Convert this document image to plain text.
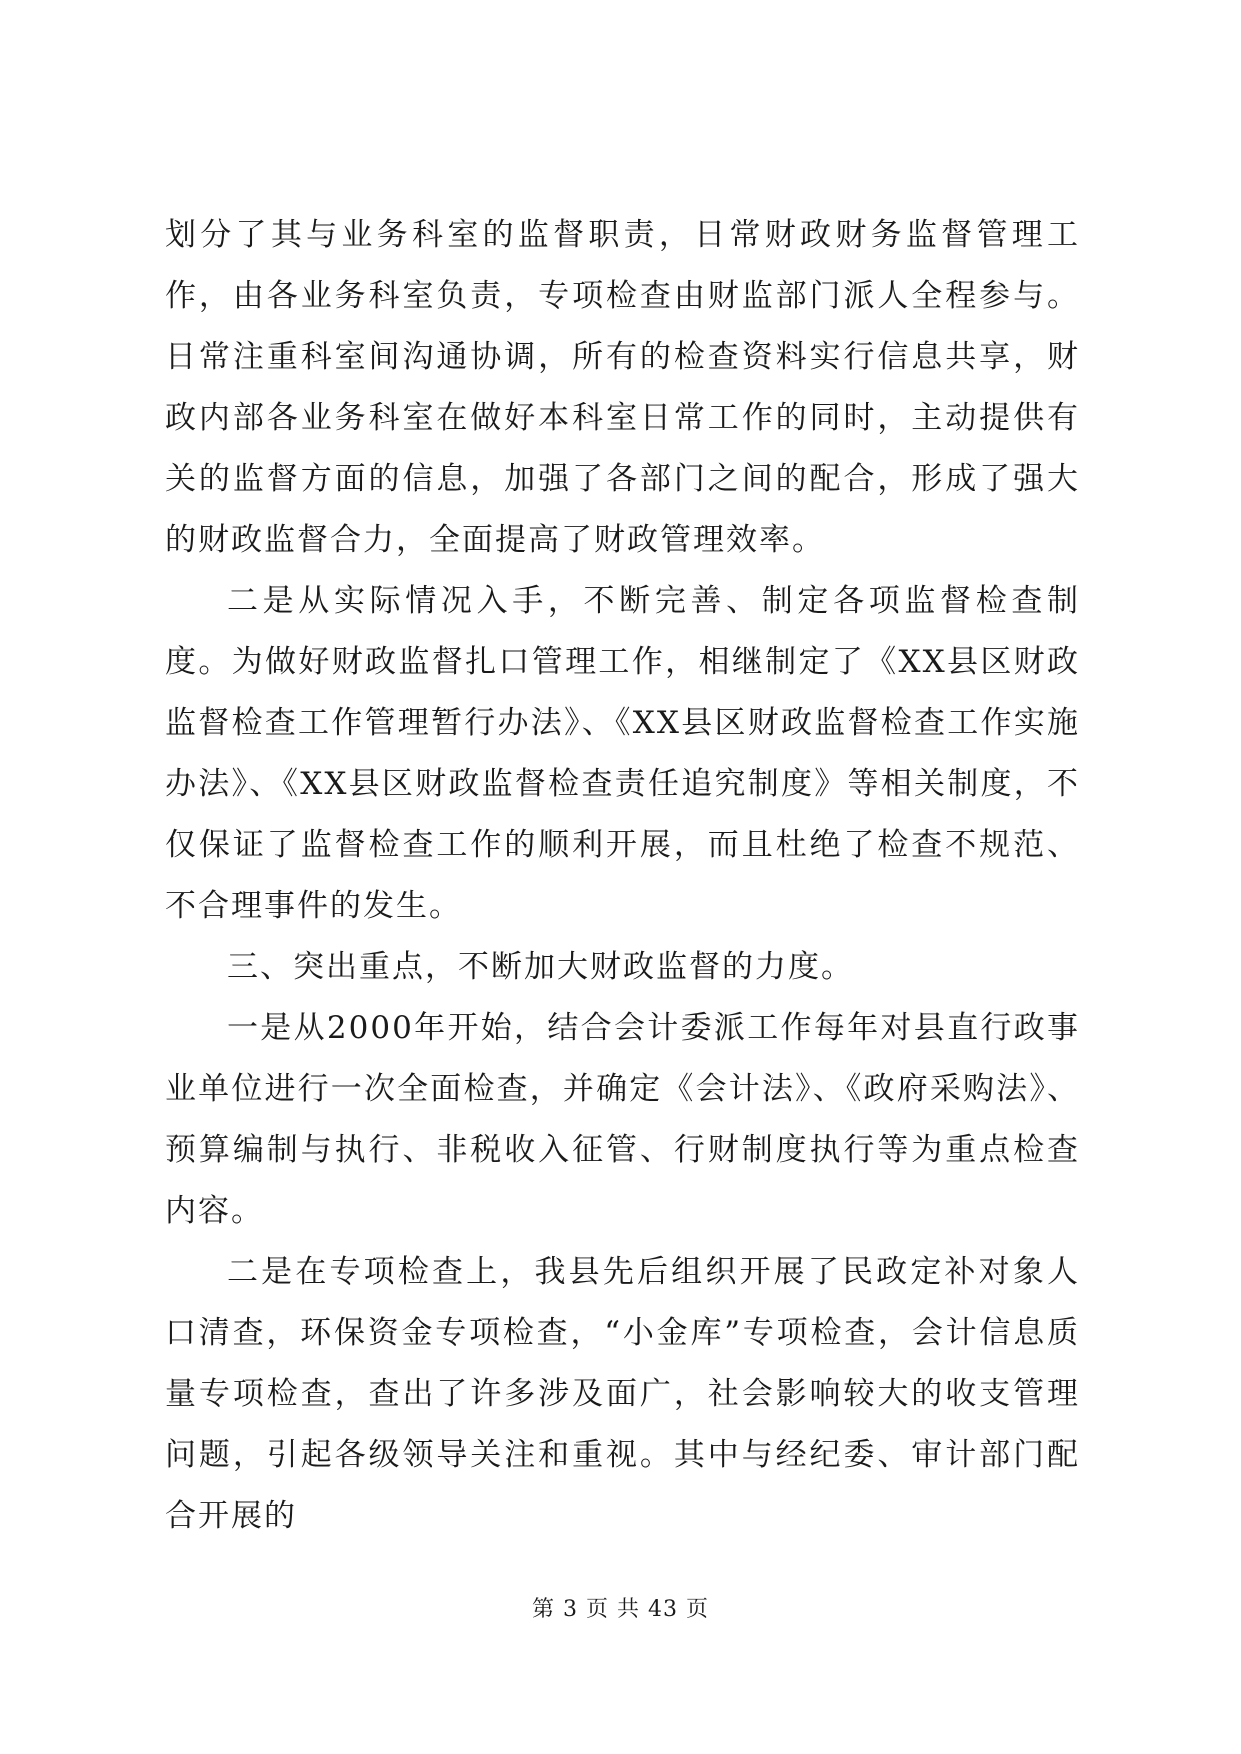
划分了其与业务科室的监督职责，日常财政财务监督管理工作，由各业务科室负责，专项检查由财监部门派人全程参与。日常注重科室间沟通协调，所有的检查资料实行信息共享，财政内部各业务科室在做好本科室日常工作的同时，主动提供有关的监督方面的信息，加强了各部门之间的配合，形成了强大的财政监督合力，全面提高了财政管理效率。

二是从实际情况入手，不断完善、制定各项监督检查制度。为做好财政监督扎口管理工作，相继制定了《XX县区财政监督检查工作管理暂行办法》、《XX县区财政监督检查工作实施办法》、《XX县区财政监督检查责任追究制度》等相关制度，不仅保证了监督检查工作的顺利开展，而且杜绝了检查不规范、不合理事件的发生。

三、突出重点，不断加大财政监督的力度。

一是从2000年开始，结合会计委派工作每年对县直行政事业单位进行一次全面检查，并确定《会计法》、《政府采购法》、预算编制与执行、非税收入征管、行财制度执行等为重点检查内容。

二是在专项检查上，我县先后组织开展了民政定补对象人口清查，环保资金专项检查，“小金库”专项检查，会计信息质量专项检查，查出了许多涉及面广，社会影响较大的收支管理问题，引起各级领导关注和重视。其中与经纪委、审计部门配合开展的

第 3 页 共 43 页
